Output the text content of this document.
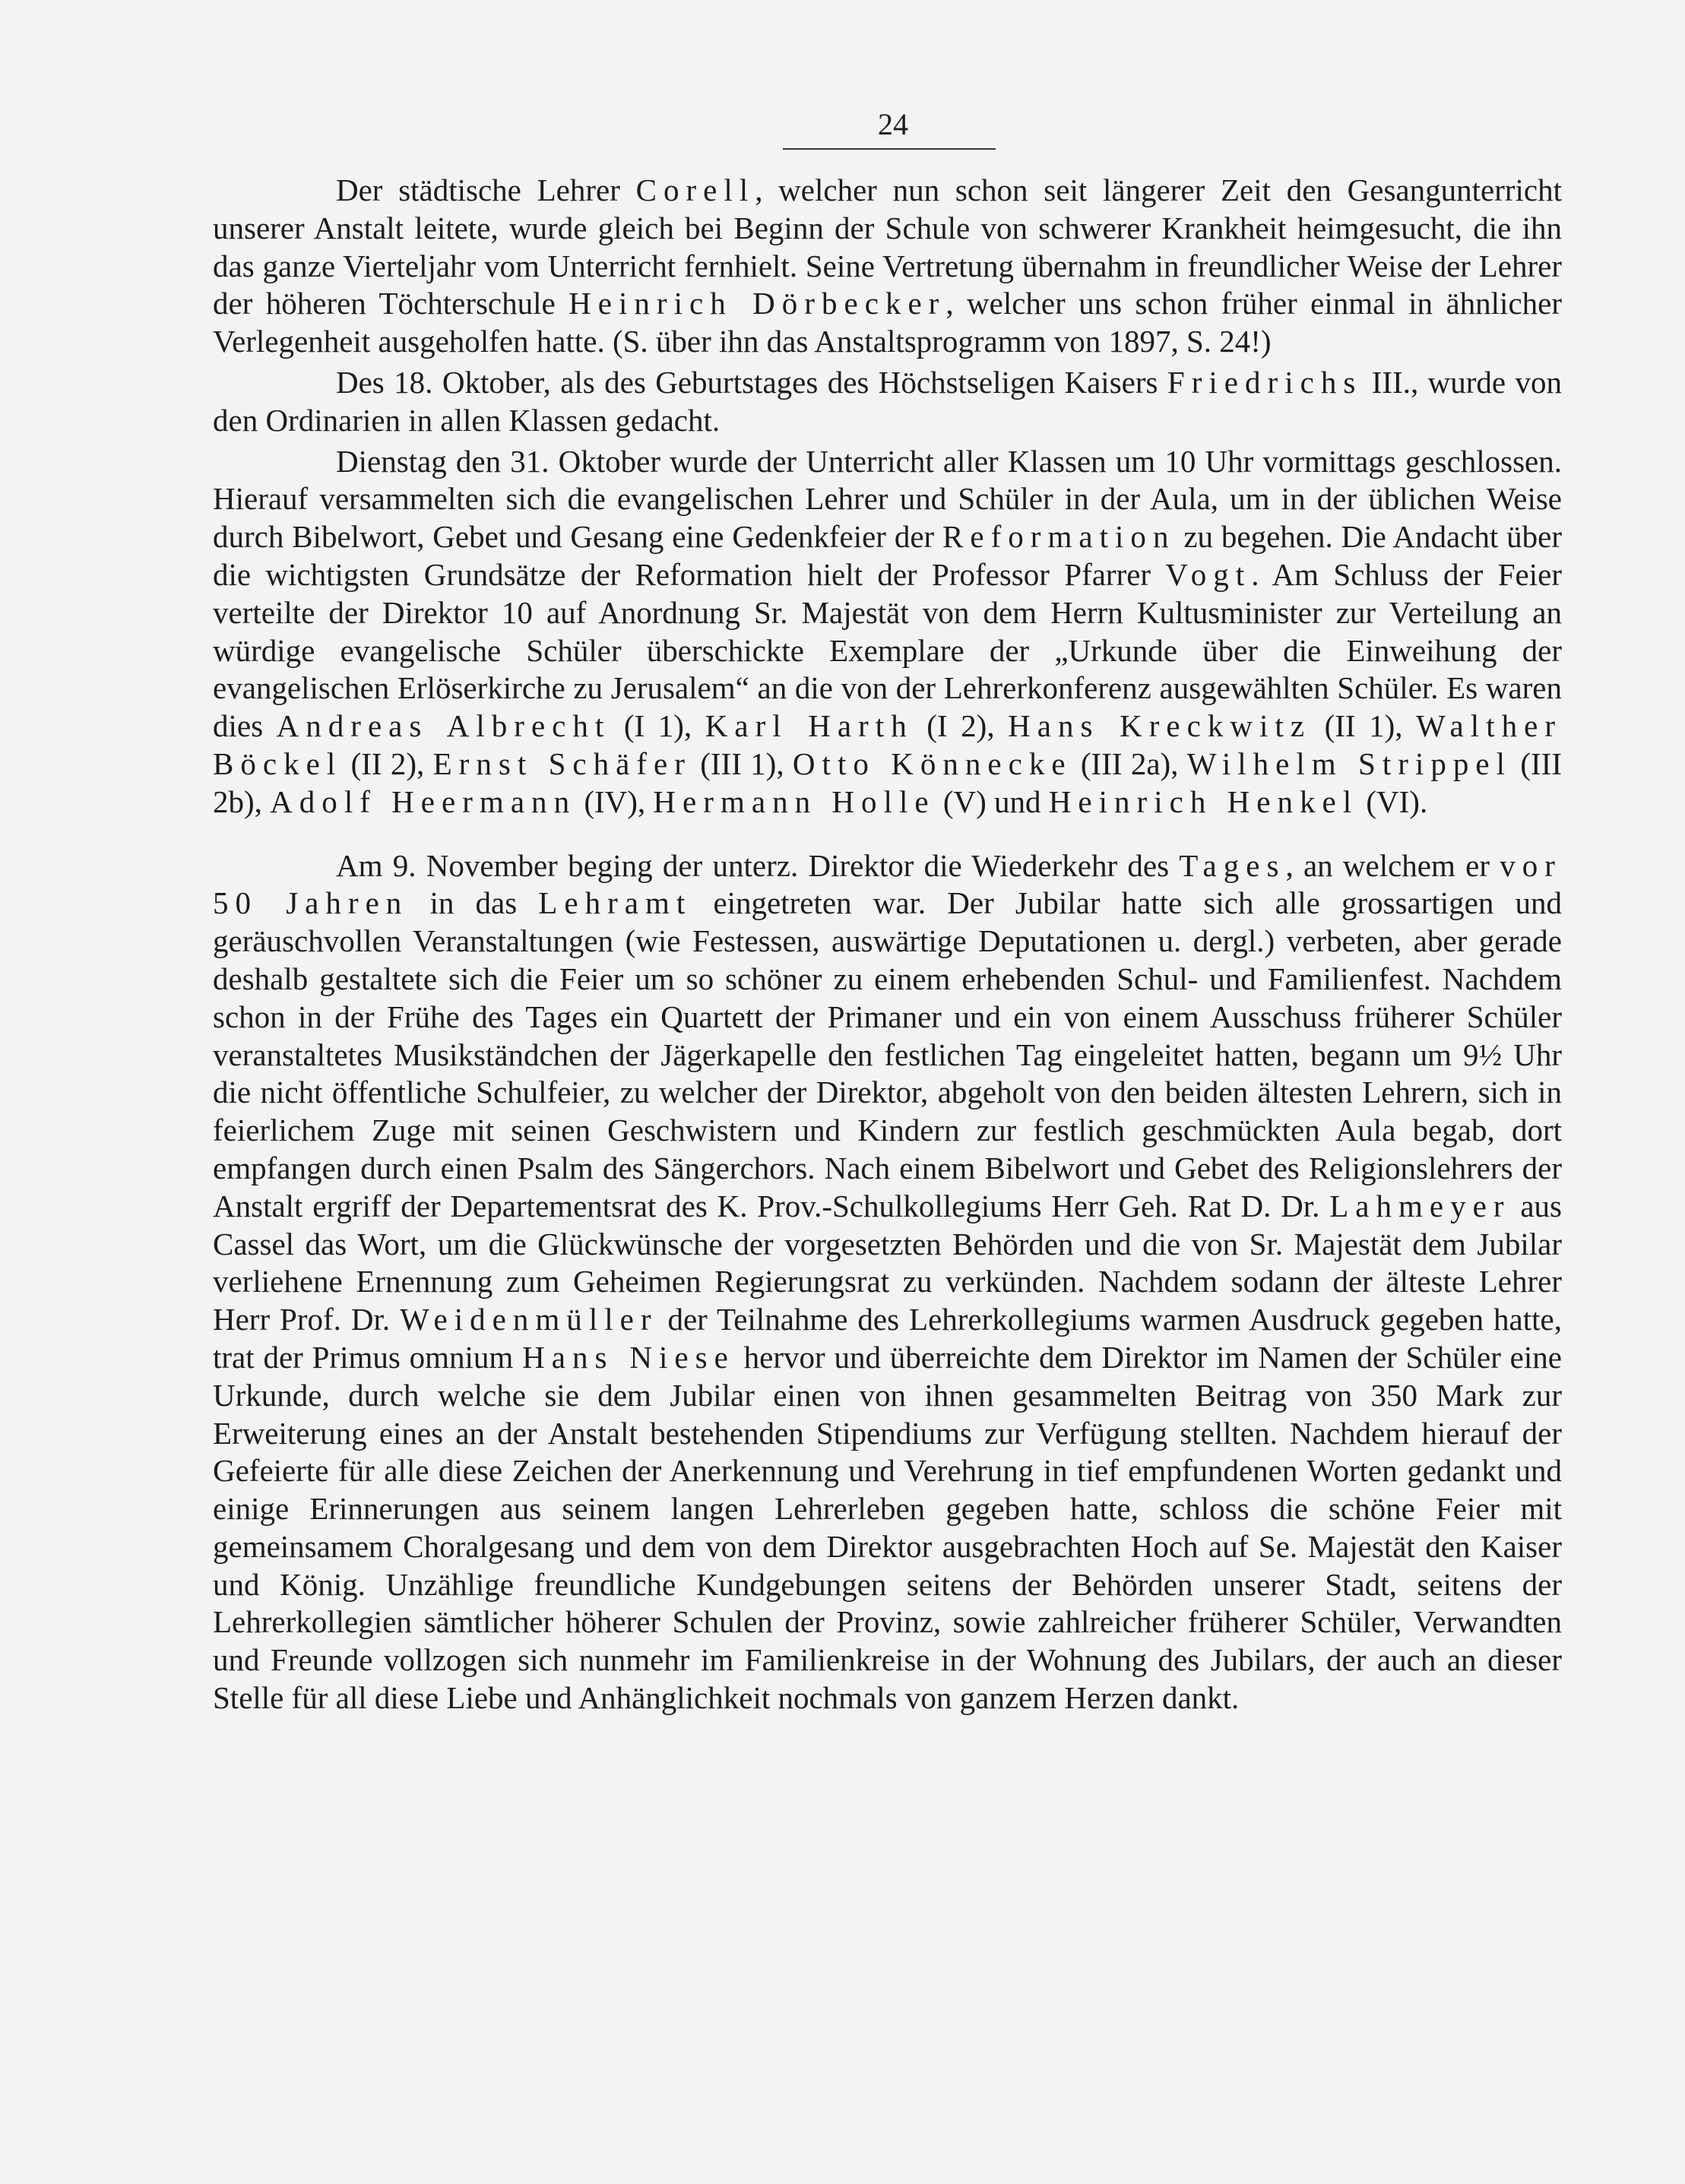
24

Der städtische Lehrer Corell, welcher nun schon seit längerer Zeit den Gesangunterricht unserer Anstalt leitete, wurde gleich bei Beginn der Schule von schwerer Krankheit heimgesucht, die ihn das ganze Vierteljahr vom Unterricht fernhielt. Seine Vertretung übernahm in freundlicher Weise der Lehrer der höheren Töchterschule Heinrich Dörbecker, welcher uns schon früher einmal in ähnlicher Verlegenheit ausgeholfen hatte. (S. über ihn das Anstaltsprogramm von 1897, S. 24!)

Des 18. Oktober, als des Geburtstages des Höchstseligen Kaisers Friedrichs III., wurde von den Ordinarien in allen Klassen gedacht.

Dienstag den 31. Oktober wurde der Unterricht aller Klassen um 10 Uhr vormittags geschlossen. Hierauf versammelten sich die evangelischen Lehrer und Schüler in der Aula, um in der üblichen Weise durch Bibelwort, Gebet und Gesang eine Gedenkfeier der Reformation zu begehen. Die Andacht über die wichtigsten Grundsätze der Reformation hielt der Professor Pfarrer Vogt. Am Schluss der Feier verteilte der Direktor 10 auf Anordnung Sr. Majestät von dem Herrn Kultusminister zur Verteilung an würdige evangelische Schüler überschickte Exemplare der „Urkunde über die Einweihung der evangelischen Erlöserkirche zu Jerusalem“ an die von der Lehrerkonferenz ausgewählten Schüler. Es waren dies Andreas Albrecht (I 1), Karl Harth (I 2), Hans Kreckwitz (II 1), Walther Böckel (II 2), Ernst Schäfer (III 1), Otto Könnecke (III 2a), Wilhelm Strippel (III 2b), Adolf Heermann (IV), Hermann Holle (V) und Heinrich Henkel (VI).

Am 9. November beging der unterz. Direktor die Wiederkehr des Tages, an welchem er vor 50 Jahren in das Lehramt eingetreten war. Der Jubilar hatte sich alle grossartigen und geräuschvollen Veranstaltungen (wie Festessen, auswärtige Deputationen u. dergl.) verbeten, aber gerade deshalb gestaltete sich die Feier um so schöner zu einem erhebenden Schul- und Familienfest. Nachdem schon in der Frühe des Tages ein Quartett der Primaner und ein von einem Ausschuss früherer Schüler veranstaltetes Musikständchen der Jägerkapelle den festlichen Tag eingeleitet hatten, begann um 9½ Uhr die nicht öffentliche Schulfeier, zu welcher der Direktor, abgeholt von den beiden ältesten Lehrern, sich in feierlichem Zuge mit seinen Geschwistern und Kindern zur festlich geschmückten Aula begab, dort empfangen durch einen Psalm des Sängerchors. Nach einem Bibelwort und Gebet des Religionslehrers der Anstalt ergriff der Departementsrat des K. Prov.-Schulkollegiums Herr Geh. Rat D. Dr. Lahmeyer aus Cassel das Wort, um die Glückwünsche der vorgesetzten Behörden und die von Sr. Majestät dem Jubilar verliehene Ernennung zum Geheimen Regierungsrat zu verkünden. Nachdem sodann der älteste Lehrer Herr Prof. Dr. Weidenmüller der Teilnahme des Lehrerkollegiums warmen Ausdruck gegeben hatte, trat der Primus omnium Hans Niese hervor und überreichte dem Direktor im Namen der Schüler eine Urkunde, durch welche sie dem Jubilar einen von ihnen gesammelten Beitrag von 350 Mark zur Erweiterung eines an der Anstalt bestehenden Stipendiums zur Verfügung stellten. Nachdem hierauf der Gefeierte für alle diese Zeichen der Anerkennung und Verehrung in tief empfundenen Worten gedankt und einige Erinnerungen aus seinem langen Lehrerleben gegeben hatte, schloss die schöne Feier mit gemeinsamem Choralgesang und dem von dem Direktor ausgebrachten Hoch auf Se. Majestät den Kaiser und König. Unzählige freundliche Kundgebungen seitens der Behörden unserer Stadt, seitens der Lehrerkollegien sämtlicher höherer Schulen der Provinz, sowie zahlreicher früherer Schüler, Verwandten und Freunde vollzogen sich nunmehr im Familienkreise in der Wohnung des Jubilars, der auch an dieser Stelle für all diese Liebe und Anhänglichkeit nochmals von ganzem Herzen dankt.
